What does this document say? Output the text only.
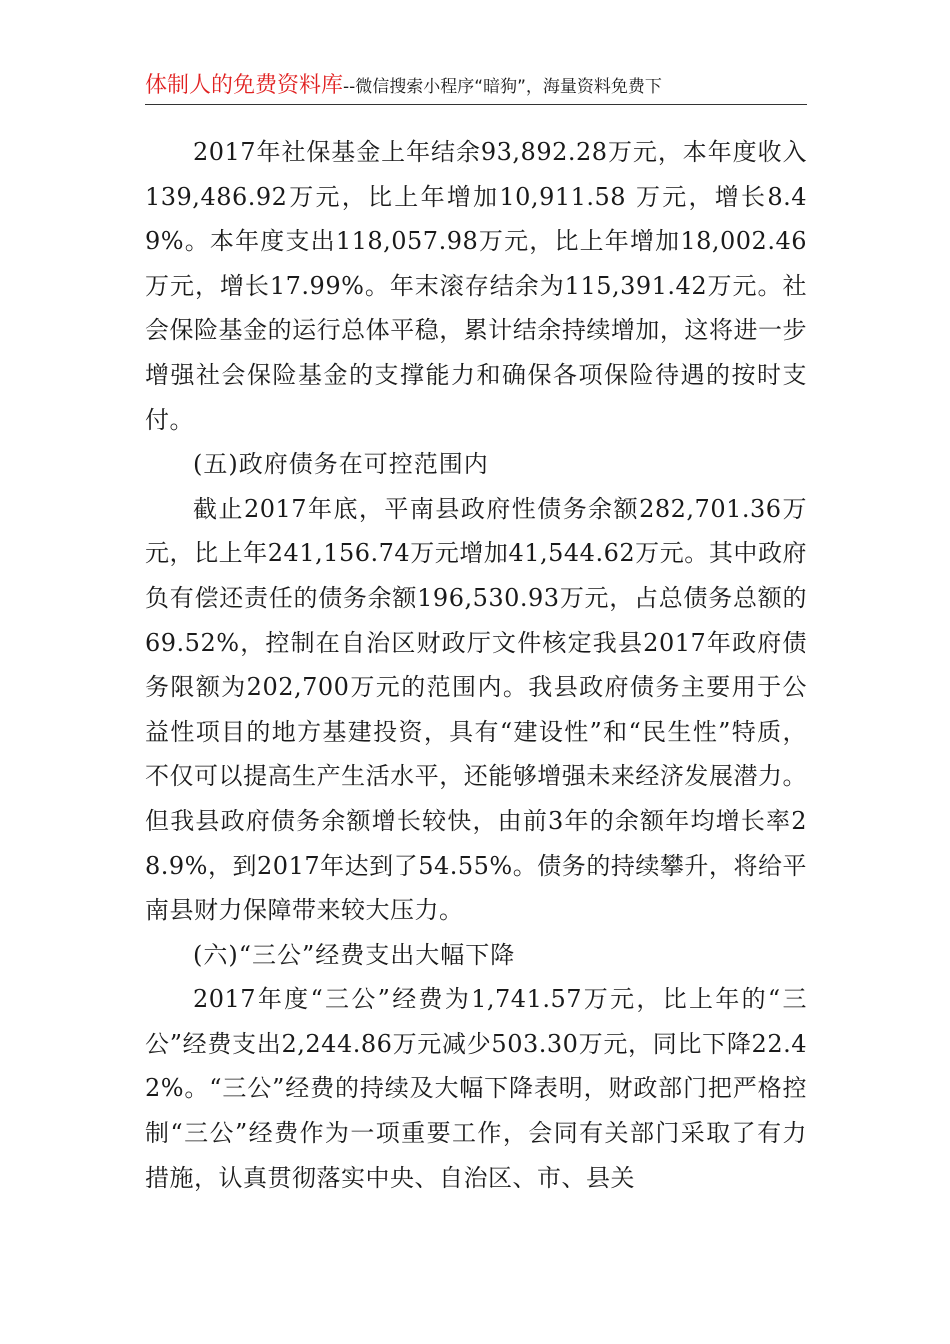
体制人的免费资料库--微信搜索小程序“暗狗”，海量资料免费下

2017年社保基金上年结余93,892.28万元，本年度收入139,486.92万元，比上年增加10,911.58 万元，增长8.49%。本年度支出118,057.98万元，比上年增加18,002.46万元，增长17.99%。年末滚存结余为115,391.42万元。社会保险基金的运行总体平稳，累计结余持续增加，这将进一步增强社会保险基金的支撑能力和确保各项保险待遇的按时支付。

(五)政府债务在可控范围内

截止2017年底，平南县政府性债务余额282,701.36万元，比上年241,156.74万元增加41,544.62万元。其中政府负有偿还责任的债务余额196,530.93万元，占总债务总额的69.52%，控制在自治区财政厅文件核定我县2017年政府债务限额为202,700万元的范围内。我县政府债务主要用于公益性项目的地方基建投资，具有“建设性”和“民生性”特质，不仅可以提高生产生活水平，还能够增强未来经济发展潜力。但我县政府债务余额增长较快，由前3年的余额年均增长率28.9%，到2017年达到了54.55%。债务的持续攀升，将给平南县财力保障带来较大压力。

(六)“三公”经费支出大幅下降

2017年度“三公”经费为1,741.57万元，比上年的“三公”经费支出2,244.86万元减少503.30万元，同比下降22.42%。“三公”经费的持续及大幅下降表明，财政部门把严格控制“三公”经费作为一项重要工作，会同有关部门采取了有力措施，认真贯彻落实中央、自治区、市、县关
